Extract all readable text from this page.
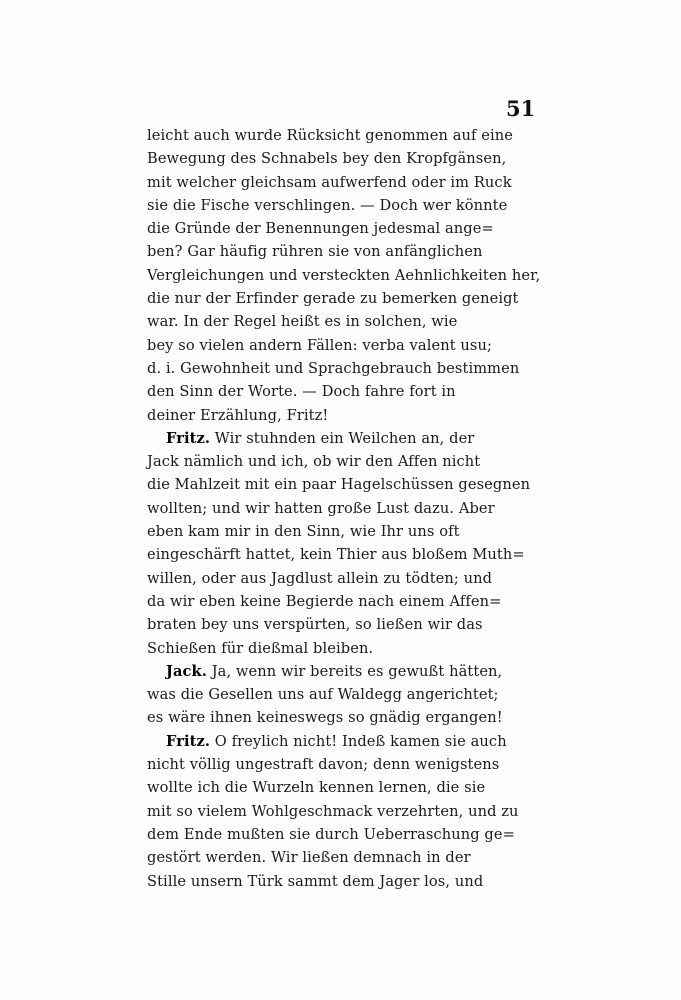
51
leicht auch wurde Rücksicht genommen auf eine
Bewegung des Schnabels bey den Kropfgänsen,
mit welcher gleichsam aufwerfend oder im Ruck
sie die Fische verschlingen. — Doch wer könnte
die Gründe der Benennungen jedesmal ange=
ben? Gar häufig rühren sie von anfänglichen
Vergleichungen und versteckten Aehnlichkeiten her,
die nur der Erfinder gerade zu bemerken geneigt
war. In der Regel heißt es in solchen, wie
bey so vielen andern Fällen: verba valent usu;
d. i. Gewohnheit und Sprachgebrauch bestimmen
den Sinn der Worte. — Doch fahre fort in
deiner Erzählung, Fritz!
Fritz. Wir stuhnden ein Weilchen an, der
Jack nämlich und ich, ob wir den Affen nicht
die Mahlzeit mit ein paar Hagelschüssen gesegnen
wollten; und wir hatten große Lust dazu. Aber
eben kam mir in den Sinn, wie Ihr uns oft
eingeschärft hattet, kein Thier aus bloßem Muth=
willen, oder aus Jagdlust allein zu tödten; und
da wir eben keine Begierde nach einem Affen=
braten bey uns verspürten, so ließen wir das
Schießen für dießmal bleiben.
Jack. Ja, wenn wir bereits es gewußt hätten,
was die Gesellen uns auf Waldegg angerichtet;
es wäre ihnen keineswegs so gnädig ergangen!
Fritz. O freylich nicht! Indeß kamen sie auch
nicht völlig ungestraft davon; denn wenigstens
wollte ich die Wurzeln kennen lernen, die sie
mit so vielem Wohlgeschmack verzehrten, und zu
dem Ende mußten sie durch Ueberraschung ge=
gestört werden. Wir ließen demnach in der
Stille unsern Türk sammt dem Jager los, und
